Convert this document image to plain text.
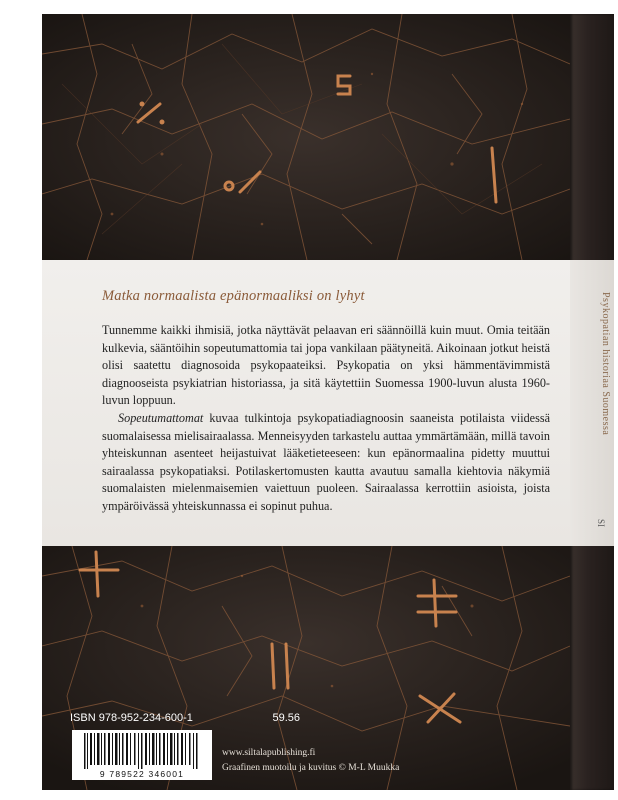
Matka normaalista epänormaaliksi on lyhyt

Tunnemme kaikki ihmisiä, jotka näyttävät pelaavan eri säännöillä kuin muut. Omia teitään kulkevia, sääntöihin sopeutumattomia tai jopa vankilaan päätyneitä. Aikoinaan jotkut heistä olisi saatettu diagnosoida psykopaateiksi. Psykopatia on yksi hämmentävimmistä diagnooseista psykiatrian historiassa, ja sitä käytettiin Suomessa 1900-luvun alusta 1960-luvun loppuun.

Sopeutumattomat kuvaa tulkintoja psykopatiadiagnoosin saaneista potilaista viidessä suomalaisessa mielisairaalassa. Menneisyyden tarkastelu auttaa ymmärtämään, millä tavoin yhteiskunnan asenteet heijastuivat lääketieteeseen: kun epänormaalina pidetty muuttui sairaalassa psykopatiaksi. Potilaskertomusten kautta avautuu samalla kiehtovia näkymiä suomalaisten mielenmaisemien vaiettuun puoleen. Sairaalassa kerrottiin asioista, joista ympäröivässä yhteiskunnassa ei sopinut puhua.

ISBN 978-952-234-600-1	59.56
9 789522 346001
www.siltalapublishing.fi
Graafinen muotoilu ja kuvitus © M-L Muukka
Psykopatian historiaa Suomessa
SI
